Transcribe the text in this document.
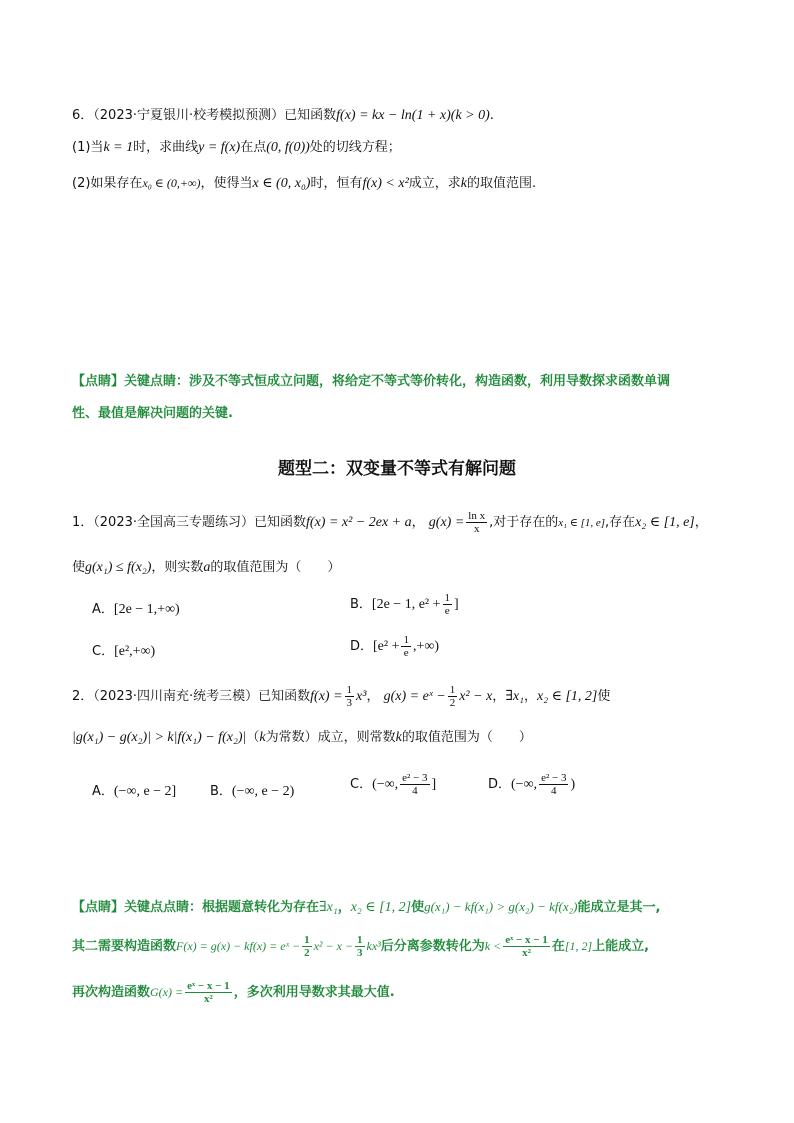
6．（2023·宁夏银川·校考模拟预测）已知函数f(x) = kx − ln(1 + x)(k > 0).
(1)当k = 1时，求曲线y = f(x)在点(0, f(0))处的切线方程；
(2)如果存在x₀ ∈ (0,+∞)，使得当x ∈ (0, x₀)时，恒有f(x) < x²成立，求k的取值范围.
【点睛】关键点睛：涉及不等式恒成立问题，将给定不等式等价转化，构造函数，利用导数探求函数单调
性、最值是解决问题的关键.
题型二：双变量不等式有解问题
1．（2023·全国高三专题练习）已知函数f(x) = x² − 2ex + a， $g(x) = \frac{\text{ln x}}{x}$ ,对于存在的x₁ ∈ [1, e],存在x₂ ∈ [1, e]，
使g(x₁) ≤ f(x₂)，则实数a的取值范围为（　　）
A．[2e − 1,+∞)	B．[2e − 1, $e^2 + \frac{1}{e}$ ]
C．[e²,+∞)	D．[$e^2 + \frac{1}{e}$ ,+∞)
2．（2023·四川南充·统考三模）已知函数$f(x) = \frac{1}{3} x^3$， g(x) = eˣ − $\frac{1}{2} x^2 - x$，∃x₁，x₂ ∈ [1, 2]使
|g(x₁) − g(x₂)| > k|f(x₁) − f(x₂)|（k为常数）成立，则常数k的取值范围为（　　）
A．(−∞, e − 2]	B．(−∞, e − 2)	C．(−∞, $\frac{\text{e² − 3}}{4}$ ]	D．(−∞, $\frac{\text{e² − 3}}{4}$ )
【点睛】关键点点睛：根据题意转化为存在∃x₁，x₂ ∈ [1, 2]使g(x₁) − kf(x₁) > g(x₂) − kf(x₂)能成立是其一,
其二需要构造函数F(x) = g(x) − kf(x) = eˣ − $\frac{1}{2} x^2 - x - \frac{1}{3} kx^3$后分离参数转化为$k < \frac{\text{eˣ − x − 1}}{\text{x²}}$ 在[1, 2]上能成立,
再次构造函数$G(x) = \frac{\text{eˣ − x − 1}}{\text{x²}}$ ，多次利用导数求其最大值.
